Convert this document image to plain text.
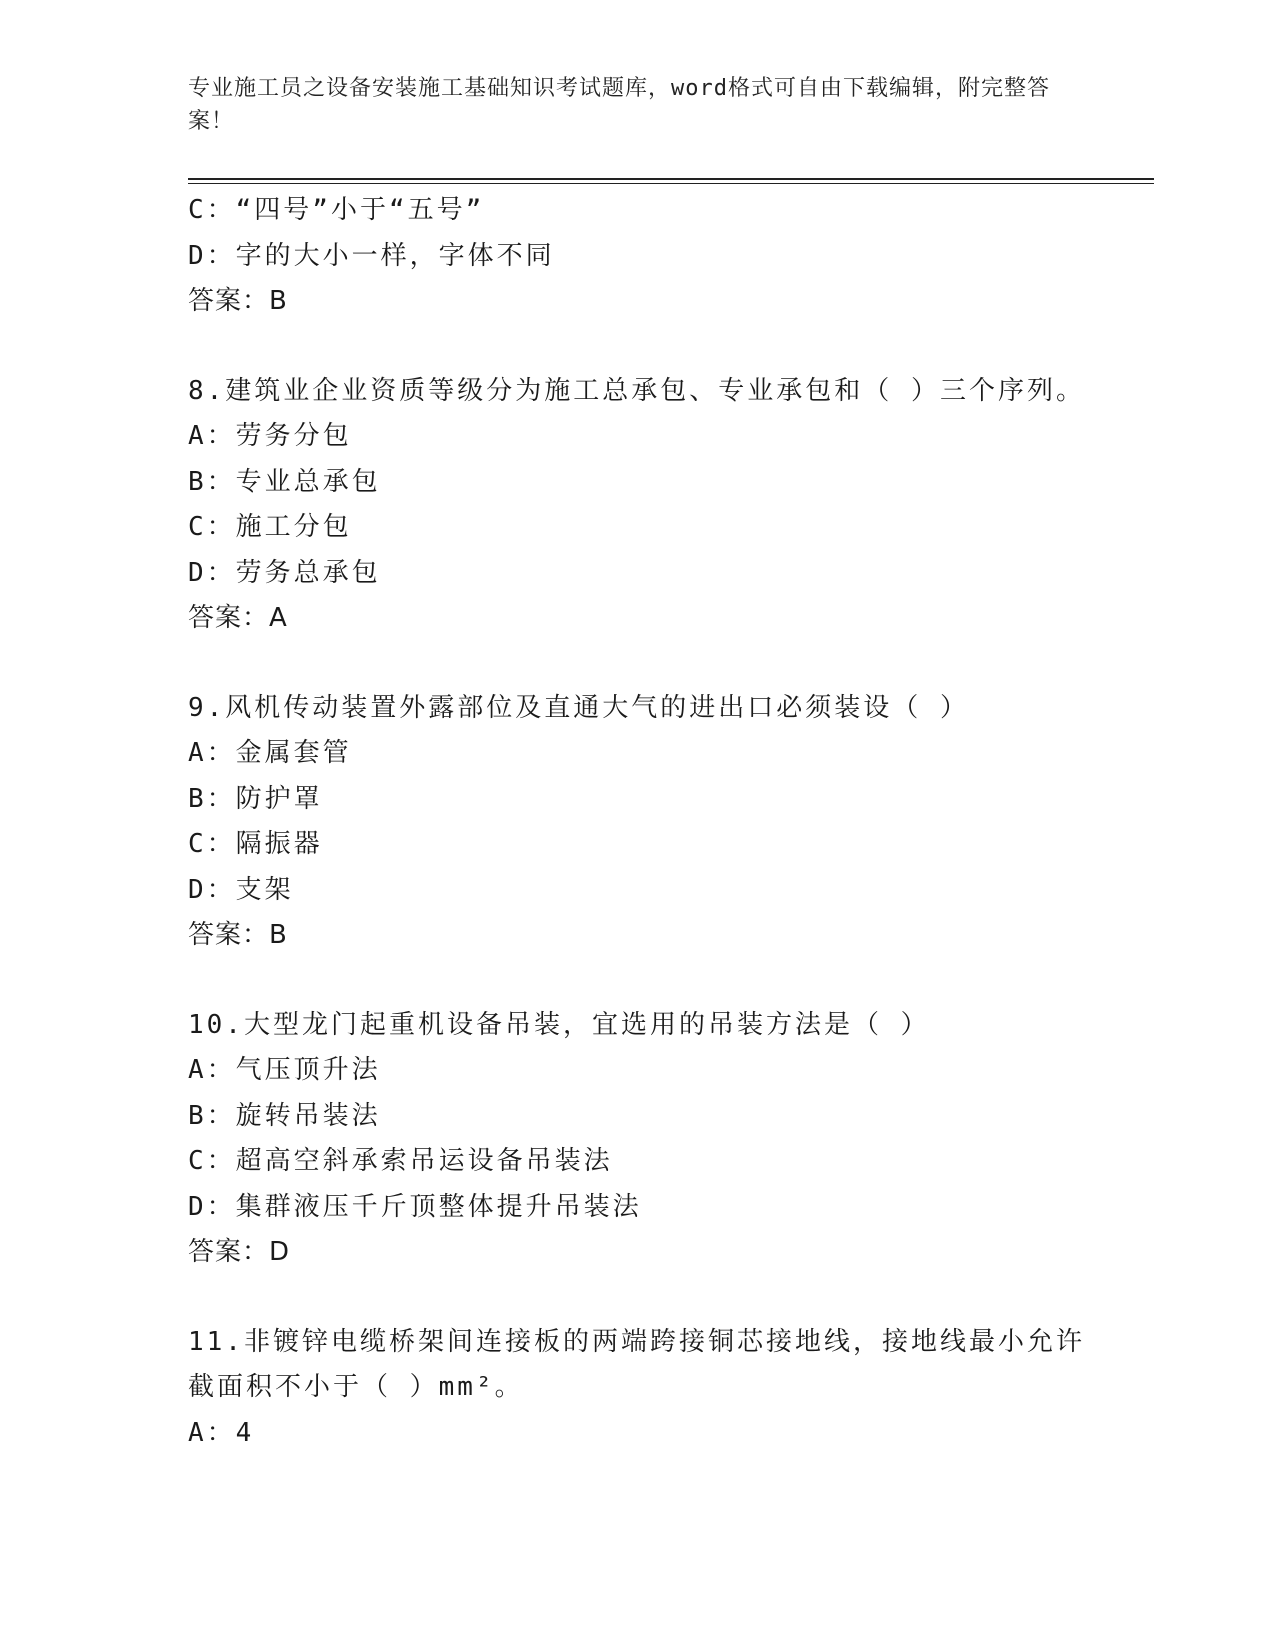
专业施工员之设备安装施工基础知识考试题库，word格式可自由下载编辑，附完整答案！
C：“四号”小于“五号”
D：字的大小一样，字体不同
答案：B
8.建筑业企业资质等级分为施工总承包、专业承包和（ ）三个序列。
A：劳务分包
B：专业总承包
C：施工分包
D：劳务总承包
答案：A
9.风机传动装置外露部位及直通大气的进出口必须装设（ ）
A：金属套管
B：防护罩
C：隔振器
D：支架
答案：B
10.大型龙门起重机设备吊装，宜选用的吊装方法是（ ）
A：气压顶升法
B：旋转吊装法
C：超高空斜承索吊运设备吊装法
D：集群液压千斤顶整体提升吊装法
答案：D
11.非镀锌电缆桥架间连接板的两端跨接铜芯接地线，接地线最小允许
截面积不小于（ ）mm²。
A：4
